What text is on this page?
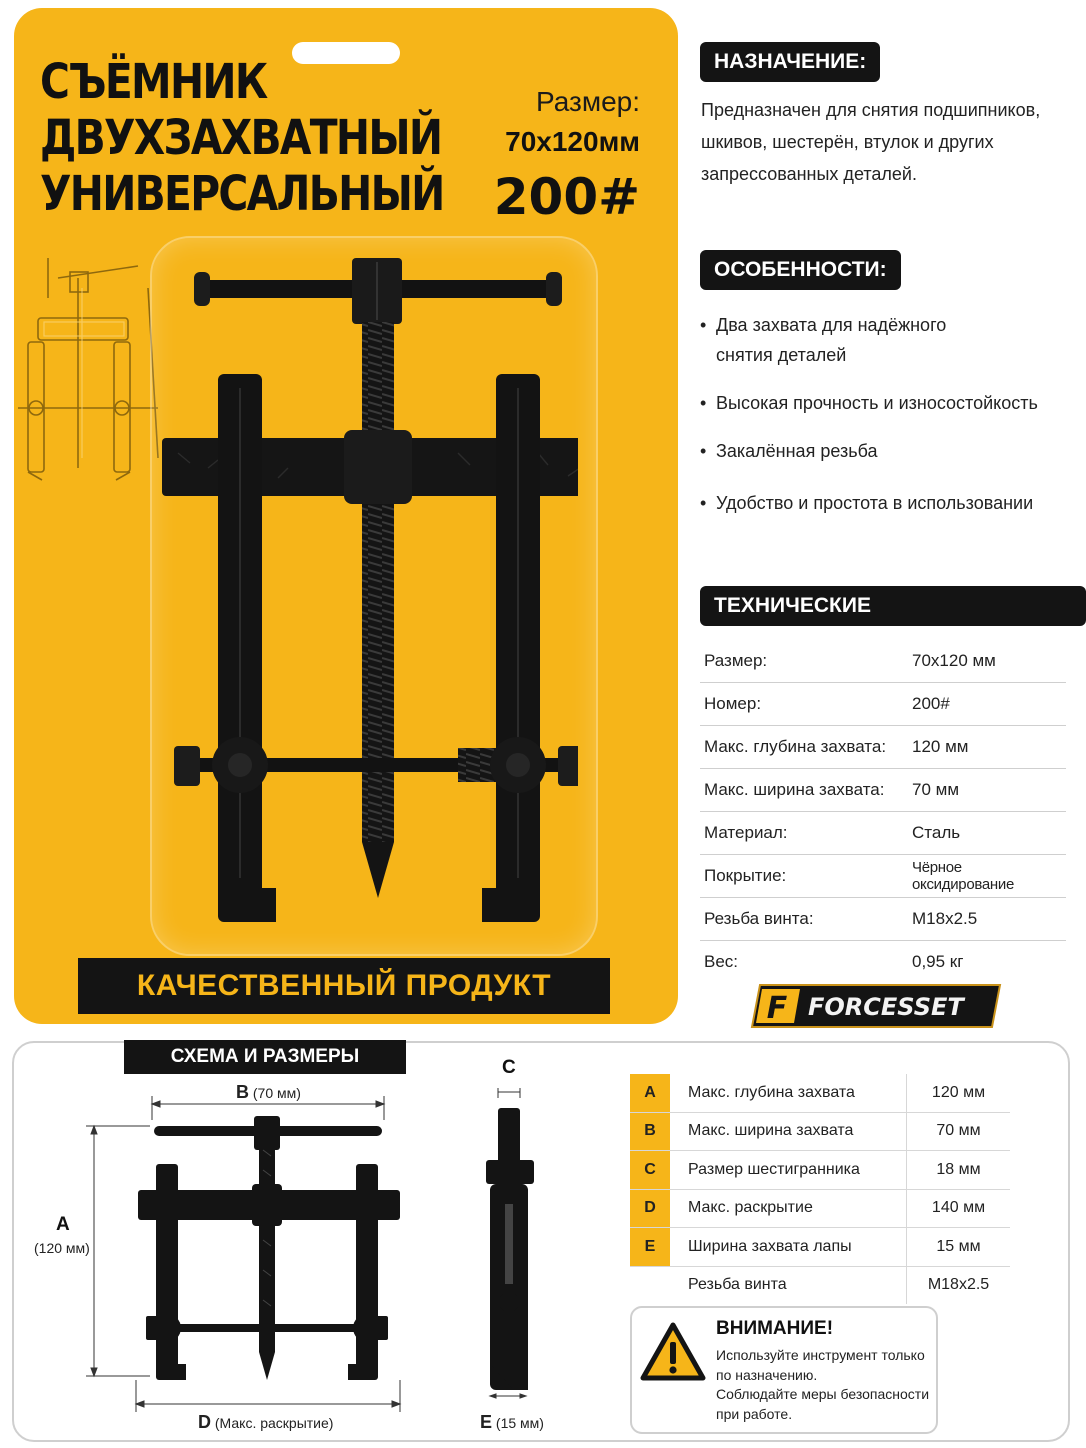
СЪЁМНИК
ДВУХЗАХВАТНЫЙ
УНИВЕРСАЛЬНЫЙ
Размер:
70x120мм
200#
КАЧЕСТВЕННЫЙ ПРОДУКТ
НАЗНАЧЕНИЕ:
Предназначен для снятия подшипников, шкивов, шестерён, втулок и других запрессованных деталей.
ОСОБЕННОСТИ:
• Два захвата для надёжного снятия деталей
• Высокая прочность и износостойкость
• Закалённая резьба
• Удобство и простота в использовании
ТЕХНИЧЕСКИЕ ХАРАКТЕРИСТИКИ:
Размер:	70x120 мм
Номер:	200#
Макс. глубина захвата:	120 мм
Макс. ширина захвата:	70 мм
Материал:	Сталь
Покрытие:	Чёрное оксидирование
Резьба винта:	M18x2.5
Вес:	0,95 кг
F FORCESSET
СХЕМА И РАЗМЕРЫ
B (70 мм)
A
(120 мм)
D (Макс. раскрытие)
C
E (15 мм)
A	Макс. глубина захвата	120 мм
B	Макс. ширина захвата	70 мм
C	Размер шестигранника	18 мм
D	Макс. раскрытие	140 мм
E	Ширина захвата лапы	15 мм
Резьба винта	M18x2.5
ВНИМАНИЕ!
Используйте инструмент только
по назначению.
Соблюдайте меры безопасности
при работе.
